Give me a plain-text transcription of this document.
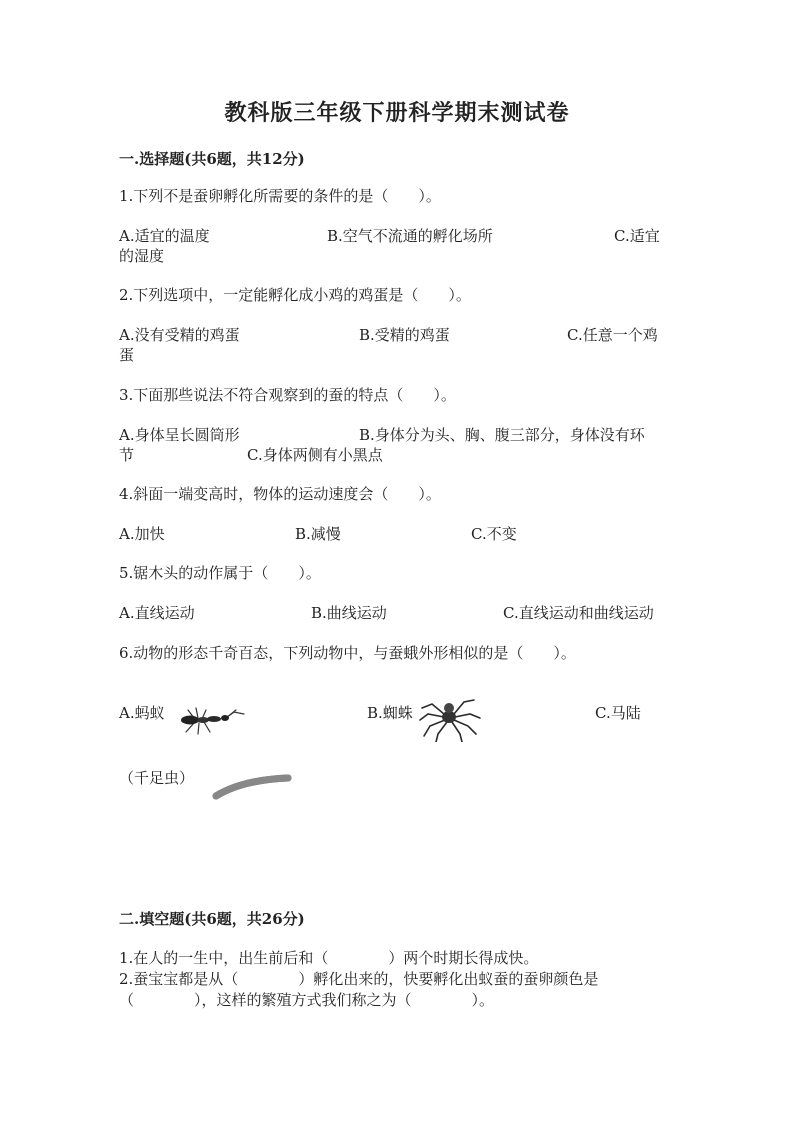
教科版三年级下册科学期末测试卷
一.选择题(共6题，共12分)
1.下列不是蚕卵孵化所需要的条件的是（　　）。
A.适宜的温度	B.空气不流通的孵化场所	C.适宜
的湿度
2.下列选项中，一定能孵化成小鸡的鸡蛋是（　　）。
A.没有受精的鸡蛋	B.受精的鸡蛋	C.任意一个鸡
蛋
3.下面那些说法不符合观察到的蚕的特点（　　）。
A.身体呈长圆筒形	B.身体分为头、胸、腹三部分，身体没有环
节	C.身体两侧有小黑点
4.斜面一端变高时，物体的运动速度会（　　）。
A.加快	B.减慢	C.不变
5.锯木头的动作属于（　　）。
A.直线运动	B.曲线运动	C.直线运动和曲线运动
6.动物的形态千奇百态，下列动物中，与蚕蛾外形相似的是（　　）。
A.蚂蚁	B.蜘蛛	C.马陆
（千足虫）
二.填空题(共6题，共26分)
1.在人的一生中，出生前后和（　　　　）两个时期长得成快。
2.蚕宝宝都是从（　　　　）孵化出来的，快要孵化出蚁蚕的蚕卵颜色是
（　　　　），这样的繁殖方式我们称之为（　　　　）。
